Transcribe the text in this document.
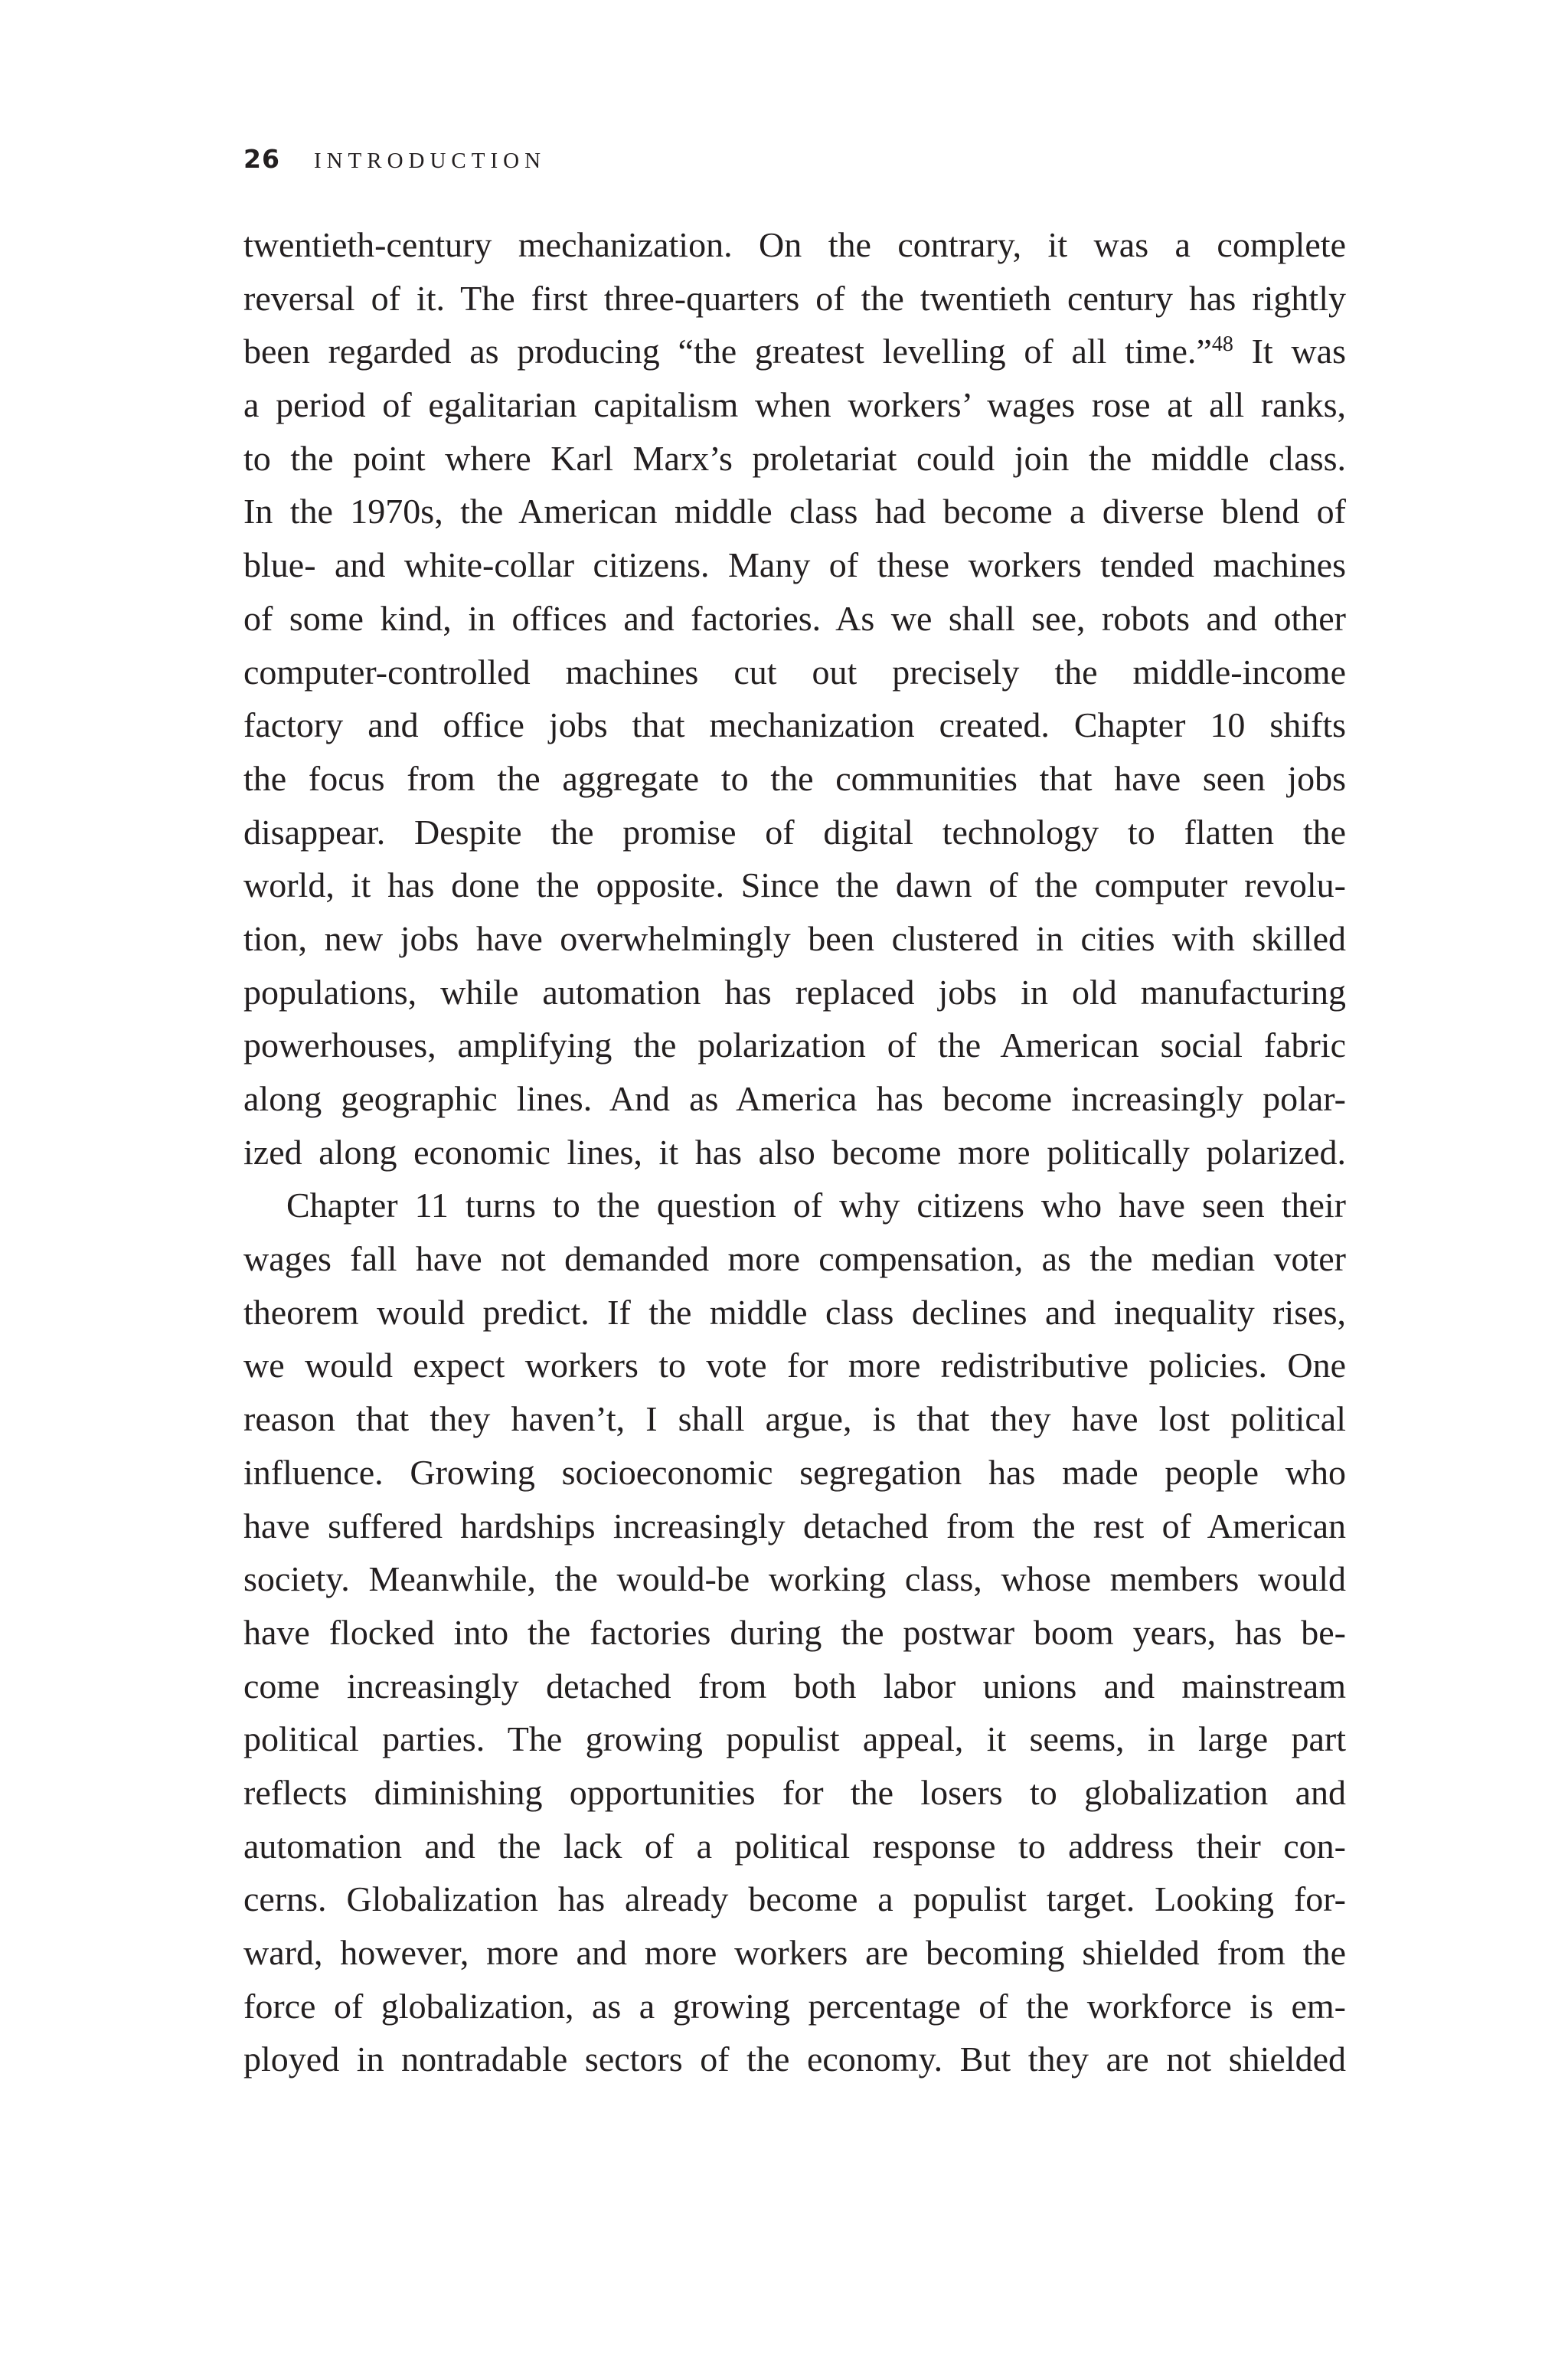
26 INTRODUCTION
twentieth-century mechanization. On the contrary, it was a complete
reversal of it. The first three-quarters of the twentieth century has rightly
been regarded as producing “the greatest levelling of all time.”$^{48}$ It was
a period of egalitarian capitalism when workers’ wages rose at all ranks,
to the point where Karl Marx’s proletariat could join the middle class.
In the 1970s, the American middle class had become a diverse blend of
blue- and white-collar citizens. Many of these workers tended machines
of some kind, in offices and factories. As we shall see, robots and other
computer-controlled machines cut out precisely the middle-income
factory and office jobs that mechanization created. Chapter 10 shifts
the focus from the aggregate to the communities that have seen jobs
disappear. Despite the promise of digital technology to flatten the
world, it has done the opposite. Since the dawn of the computer revolu-
tion, new jobs have overwhelmingly been clustered in cities with skilled
populations, while automation has replaced jobs in old manufacturing
powerhouses, amplifying the polarization of the American social fabric
along geographic lines. And as America has become increasingly polar-
ized along economic lines, it has also become more politically polarized.
Chapter 11 turns to the question of why citizens who have seen their
wages fall have not demanded more compensation, as the median voter
theorem would predict. If the middle class declines and inequality rises,
we would expect workers to vote for more redistributive policies. One
reason that they haven’t, I shall argue, is that they have lost political
influence. Growing socioeconomic segregation has made people who
have suffered hardships increasingly detached from the rest of American
society. Meanwhile, the would-be working class, whose members would
have flocked into the factories during the postwar boom years, has be-
come increasingly detached from both labor unions and mainstream
political parties. The growing populist appeal, it seems, in large part
reflects diminishing opportunities for the losers to globalization and
automation and the lack of a political response to address their con-
cerns. Globalization has already become a populist target. Looking for-
ward, however, more and more workers are becoming shielded from the
force of globalization, as a growing percentage of the workforce is em-
ployed in nontradable sectors of the economy. But they are not shielded
